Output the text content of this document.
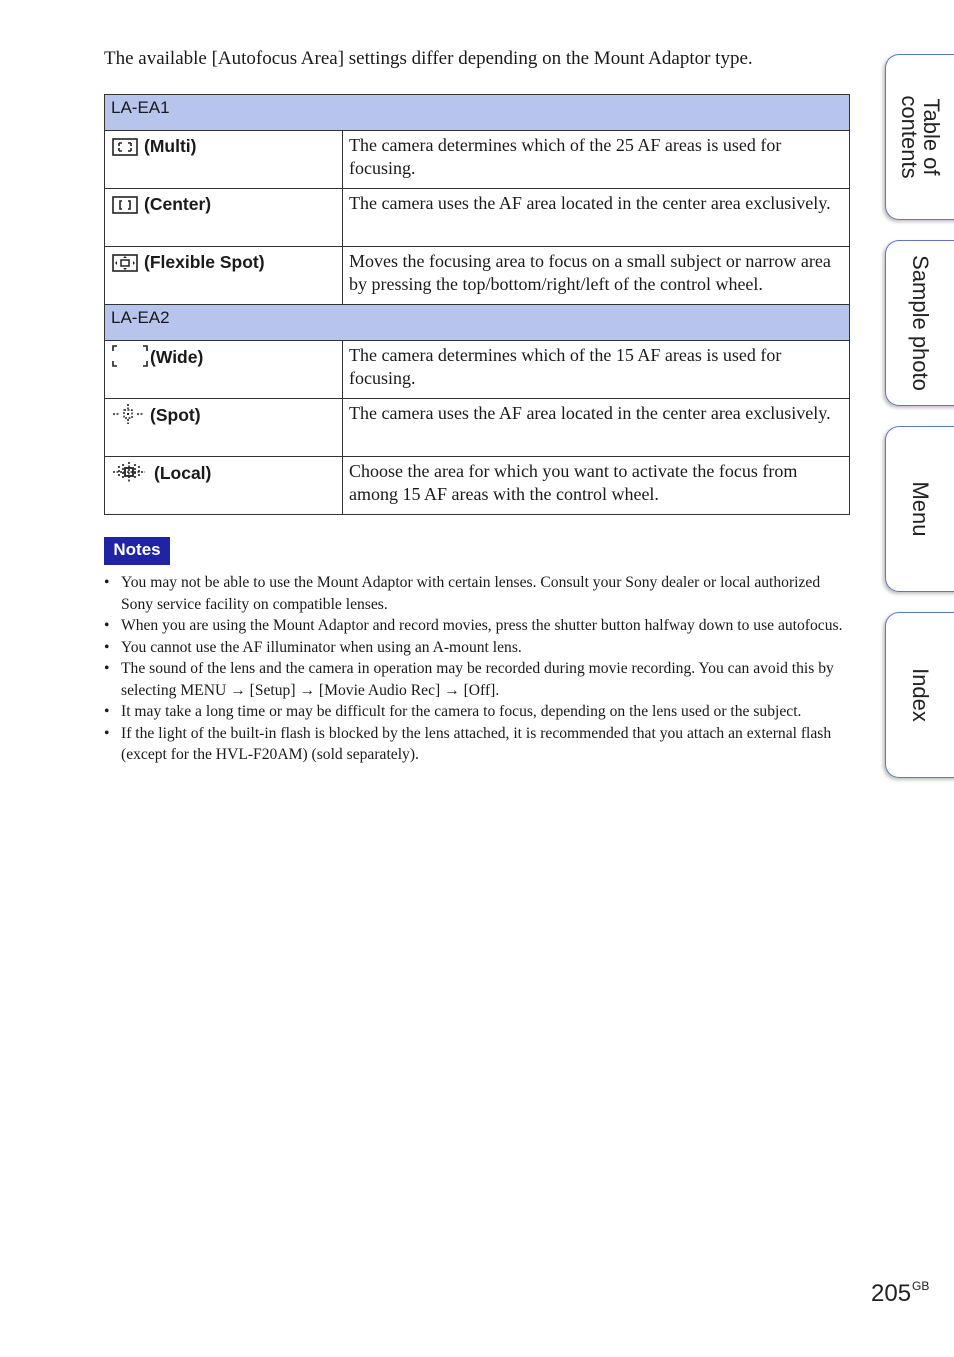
The available [Autofocus Area] settings differ depending on the Mount Adaptor type.
LA-EA1	
(Multi)	The camera determines which of the 25 AF areas is used for focusing.
(Center)	The camera uses the AF area located in the center area exclusively.
(Flexible Spot)	Moves the focusing area to focus on a small subject or narrow area by pressing the top/bottom/right/left of the control wheel.
LA-EA2	
(Wide)	The camera determines which of the 15 AF areas is used for focusing.
(Spot)	The camera uses the AF area located in the center area exclusively.
(Local)	Choose the area for which you want to activate the focus from among 15 AF areas with the control wheel.
Notes
• You may not be able to use the Mount Adaptor with certain lenses. Consult your Sony dealer or local authorized Sony service facility on compatible lenses.
• When you are using the Mount Adaptor and record movies, press the shutter button halfway down to use autofocus.
• You cannot use the AF illuminator when using an A-mount lens.
• The sound of the lens and the camera in operation may be recorded during movie recording. You can avoid this by selecting MENU → [Setup] → [Movie Audio Rec] → [Off].
• It may take a long time or may be difficult for the camera to focus, depending on the lens used or the subject.
• If the light of the built-in flash is blocked by the lens attached, it is recommended that you attach an external flash (except for the HVL-F20AM) (sold separately).
Table of contents
Sample photo
Menu
Index
$205^{GB}$
